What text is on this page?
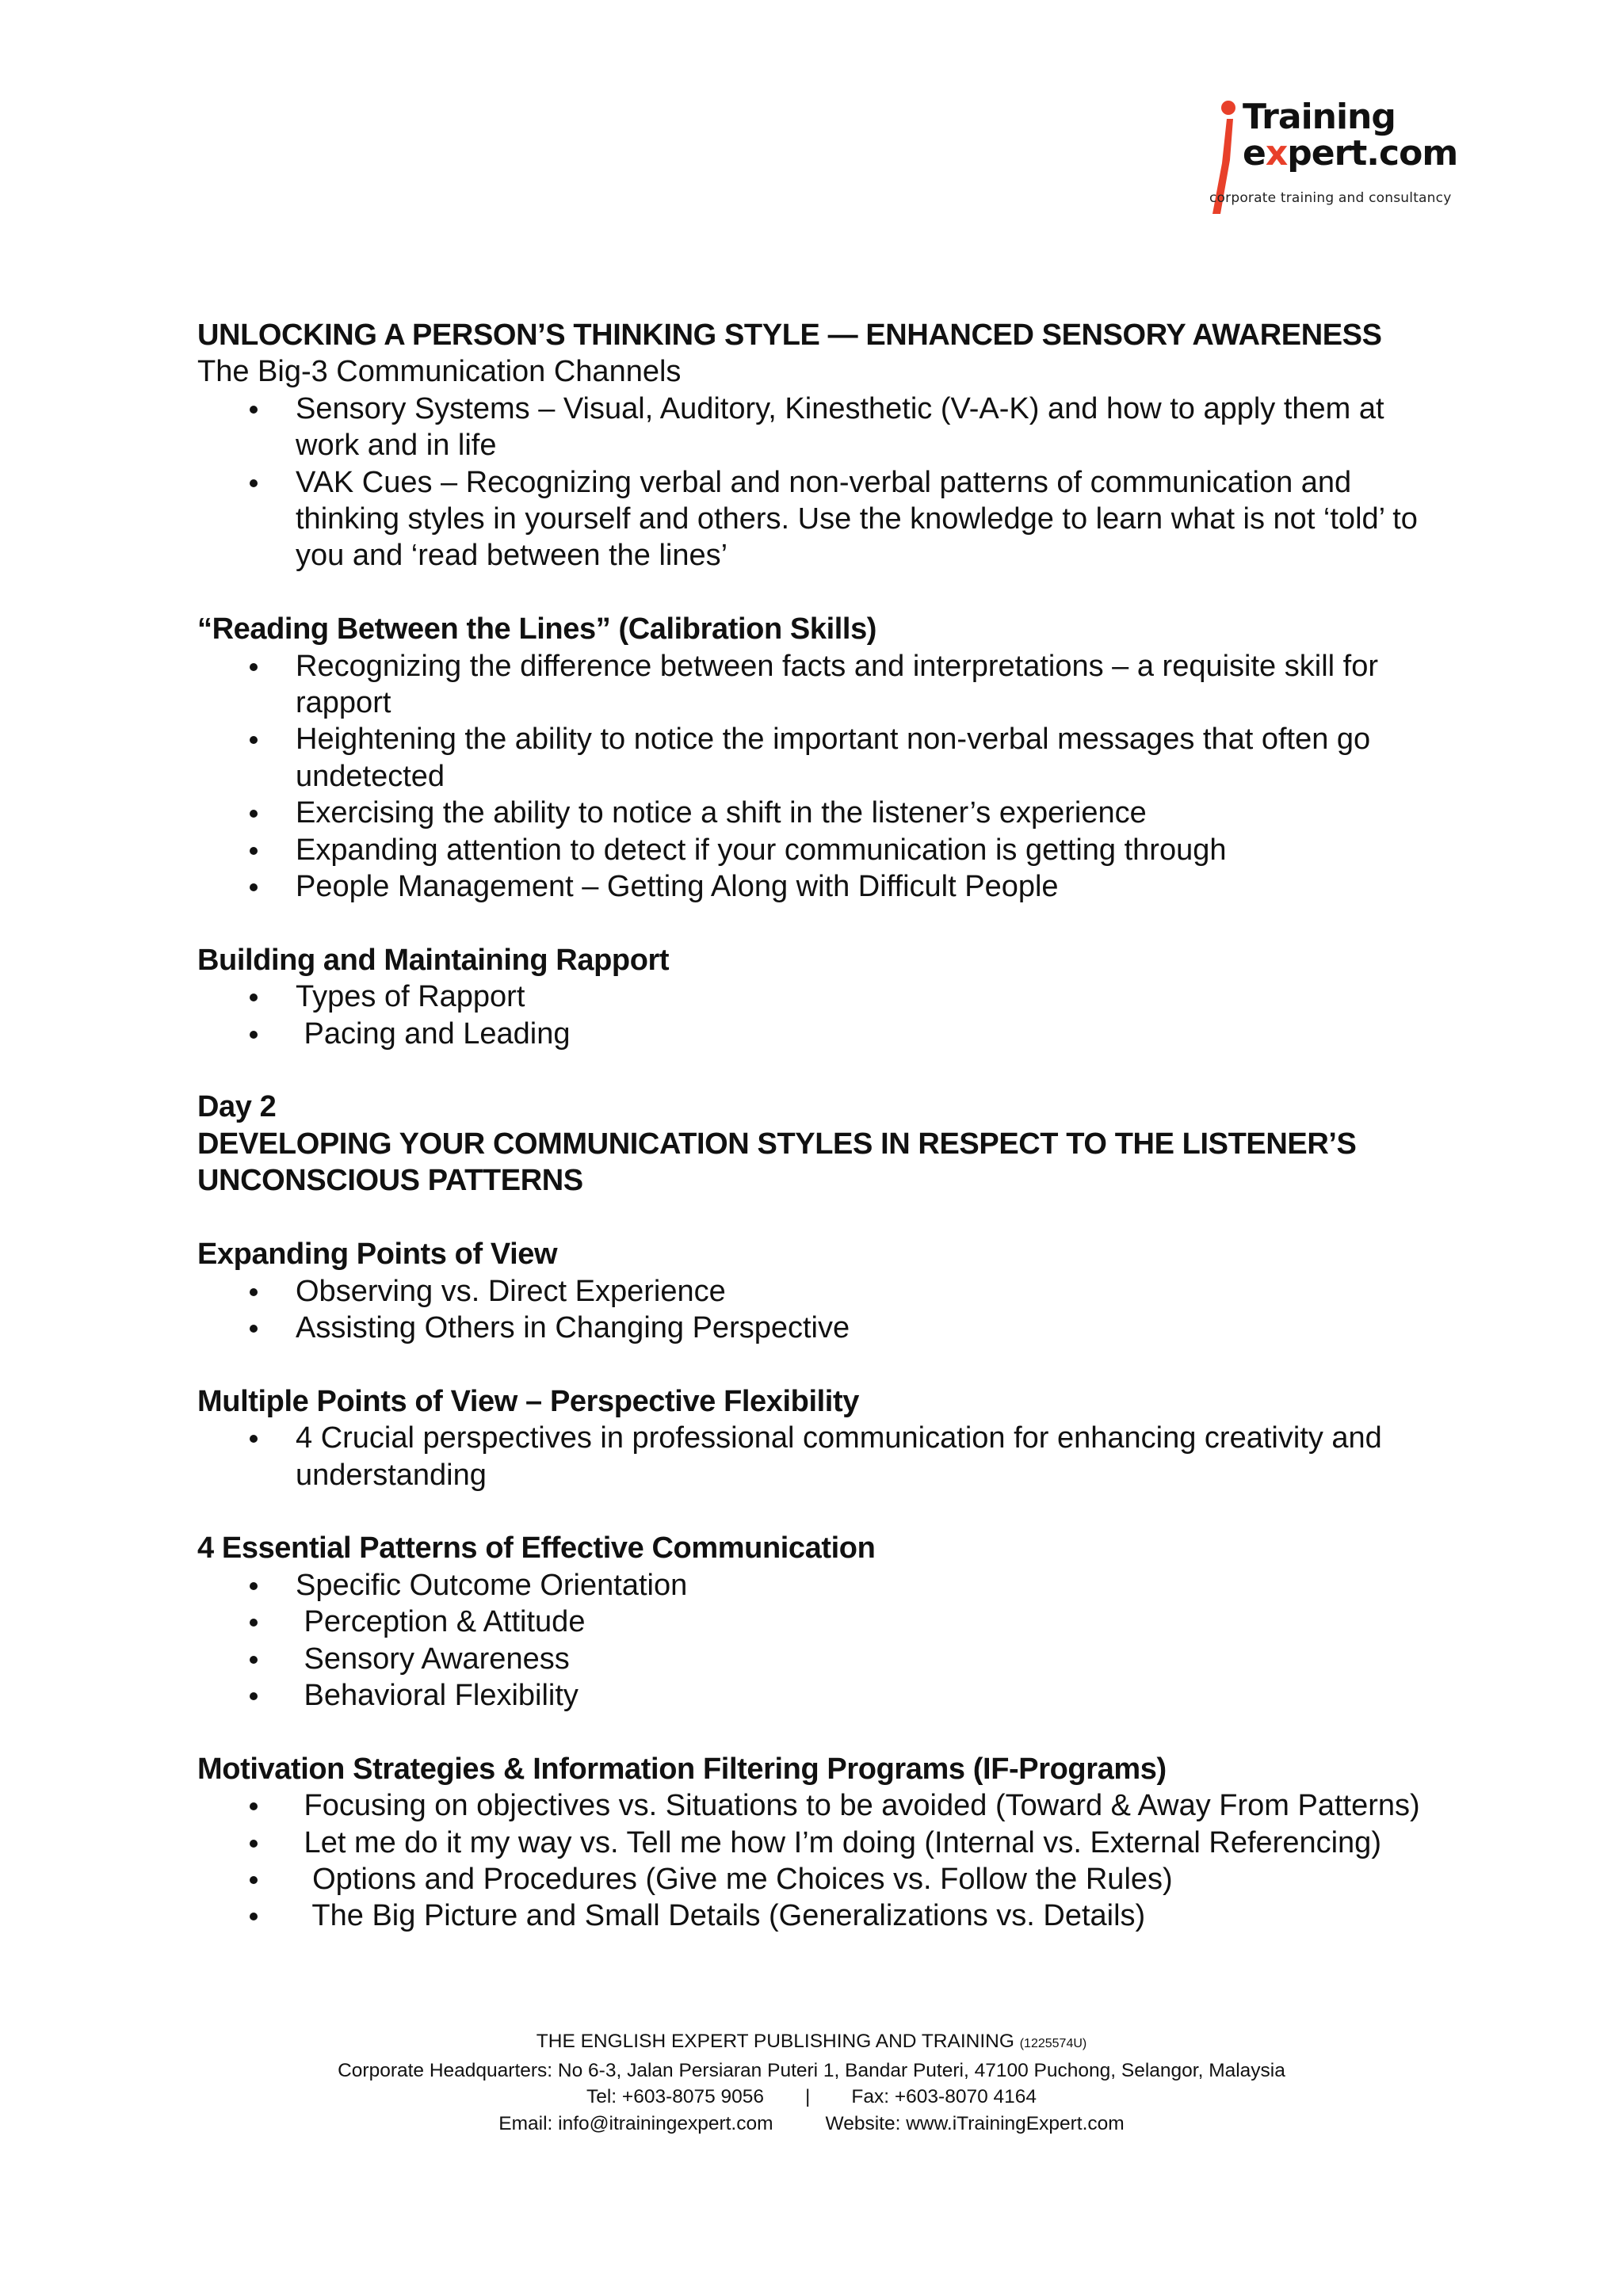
Training
expert.com
corporate training and consultancy

UNLOCKING A PERSON’S THINKING STYLE — ENHANCED SENSORY AWARENESS

The Big-3 Communication Channels

Sensory Systems – Visual, Auditory, Kinesthetic (V-A-K) and how to apply them at work and in life
VAK Cues – Recognizing verbal and non-verbal patterns of communication and thinking styles in yourself and others. Use the knowledge to learn what is not ‘told’ to you and ‘read between the lines’

“Reading Between the Lines” (Calibration Skills)

Recognizing the difference between facts and interpretations – a requisite skill for rapport
Heightening the ability to notice the important non-verbal messages that often go undetected
Exercising the ability to notice a shift in the listener’s experience
Expanding attention to detect if your communication is getting through
People Management – Getting Along with Difficult People

Building and Maintaining Rapport

Types of Rapport
Pacing and Leading

Day 2

DEVELOPING YOUR COMMUNICATION STYLES IN RESPECT TO THE LISTENER’S UNCONSCIOUS PATTERNS

Expanding Points of View

Observing vs. Direct Experience
Assisting Others in Changing Perspective

Multiple Points of View – Perspective Flexibility

4 Crucial perspectives in professional communication for enhancing creativity and understanding

4 Essential Patterns of Effective Communication

Specific Outcome Orientation
Perception & Attitude
Sensory Awareness
Behavioral Flexibility

Motivation Strategies & Information Filtering Programs (IF-Programs)

Focusing on objectives vs. Situations to be avoided (Toward & Away From Patterns)
Let me do it my way vs. Tell me how I’m doing (Internal vs. External Referencing)
Options and Procedures (Give me Choices vs. Follow the Rules)
The Big Picture and Small Details (Generalizations vs. Details)
THE ENGLISH EXPERT PUBLISHING AND TRAINING (1225574U)
Corporate Headquarters: No 6-3, Jalan Persiaran Puteri 1, Bandar Puteri, 47100 Puchong, Selangor, Malaysia
Tel: +603-8075 9056 | Fax: +603-8070 4164
Email: info@itrainingexpert.com	Website: www.iTrainingExpert.com
